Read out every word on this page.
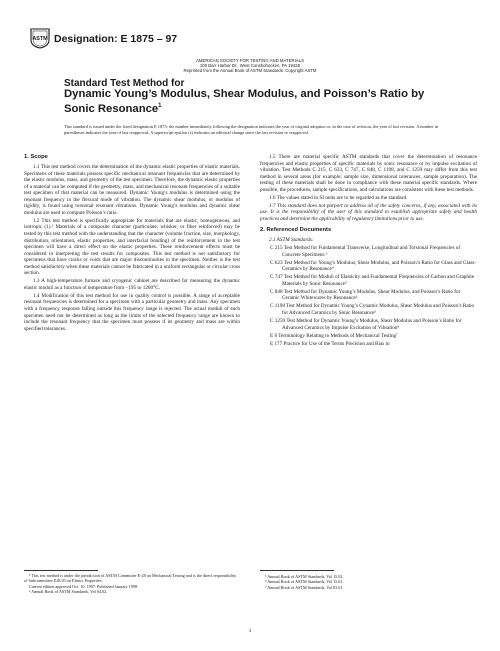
ASTM Designation: E 1875 – 97
AMERICAN SOCIETY FOR TESTING AND MATERIALS
100 Barr Harbor Dr., West Conshohocken, PA 19428
Reprinted from the Annual Book of ASTM Standards. Copyright ASTM
Standard Test Method for
Dynamic Young’s Modulus, Shear Modulus, and Poisson’s Ratio by Sonic Resonance$^1$
This standard is issued under the fixed designation E 1875; the number immediately following the designation indicates the year of original adoption or, in the case of revision, the year of last revision. A number in parentheses indicates the year of last reapproval. A superscript epsilon (ε) indicates an editorial change since the last revision or reapproval.
1. Scope

1.1 This test method covers the determination of the dynamic elastic properties of elastic materials. Specimens of these materials possess specific mechanical resonant frequencies that are determined by the elastic modulus, mass, and geometry of the test specimen. Therefore, the dynamic elastic properties of a material can be computed if the geometry, mass, and mechanical resonant frequencies of a suitable test specimen of that material can be measured. Dynamic Young’s modulus is determined using the resonant frequency in the flexural mode of vibration. The dynamic shear modulus, or modulus of rigidity, is found using torsional resonant vibrations. Dynamic Young’s modulus and dynamic shear modulus are used to compute Poisson’s ratio.

1.2 This test method is specifically appropriate for materials that are elastic, homogeneous, and isotropic (1).² Materials of a composite character (particulate, whisker, or fiber reinforced) may be tested by this test method with the understanding that the character (volume fraction, size, morphology, distribution, orientation, elastic properties, and interfacial bonding) of the reinforcement in the test specimen will have a direct effect on the elastic properties. These reinforcement effects must be considered in interpreting the test results for composites. This test method is not satisfactory for specimens that have cracks or voids that are major discontinuities in the specimen. Neither is the test method satisfactory when these materials cannot be fabricated in a uniform rectangular or circular cross section.

1.3 A high-temperature furnace and cryogenic cabinet are described for measuring the dynamic elastic moduli as a function of temperature from −195 to 1200°C.

1.4 Modification of this test method for use in quality control is possible. A range of acceptable resonant frequencies is determined for a specimen with a particular geometry and mass. Any specimen with a frequency response falling outside this frequency range is rejected. The actual moduli of each specimen need not be determined as long as the limits of the selected frequency range are known to include the resonant frequency that the specimen must possess if its geometry and mass are within specified tolerances.

1.5 There are material specific ASTM standards that cover the determination of resonance frequencies and elastic properties of specific materials by sonic resonance or by impulse excitation of vibration. Test Methods C 215, C 623, C 747, C 848, C 1198, and C 1259 may differ from this test method in several areas (for example; sample size, dimensional tolerances, sample preparation). The testing of these materials shall be done in compliance with these material specific standards. Where possible, the procedures, sample specifications, and calculations are consistent with these test methods.

1.6 The values stated in SI units are to be regarded as the standard.

1.7 This standard does not purport to address all of the safety concerns, if any, associated with its use. It is the responsibility of the user of this standard to establish appropriate safety and health practices and determine the applicability of regulatory limitations prior to use.

2. Referenced Documents

2.1 ASTM Standards:

C 215 Test Method for Fundamental Transverse, Longitudinal and Torsional Frequencies of Concrete Specimens ³

C 623 Test Method for Young’s Modulus, Shear Modulus, and Poisson’s Ratio for Glass and Glass-Ceramics by Resonance⁴

C 747 Test Method for Moduli of Elasticity and Fundamental Frequencies of Carbon and Graphite Materials by Sonic Resonance⁵

C 848 Test Method for Dynamic Young’s Modulus, Shear Modulus, and Poisson’s Ratio for Ceramic Whitewares by Resonance³

C 1198 Test Method for Dynamic Young’s Cynamic Modulus, Shear Modulus and Poisson’s Ratio for Advanced Ceramics by Sonic Resonance⁶

C 1259 Test Method for Dynamic Young’s Modulus, Shear Modulus and Poisson’s Ratio for Advanced Ceramics by Impulse Excitation of Vibration⁶

E 6 Terminology Relating to Methods of Mechanical Testing⁷

E 177 Practice for Use of the Terms Precision and Bias in

¹ This test method is under the jurisdiction of ASTM Committee E-28 on Mechanical Testing and is the direct responsibility of Subcommittee E28.03 on Elastic Properties.
Current edition approved Oct. 10, 1997. Published January 1998.
² Annual Book of ASTM Standards, Vol 04.02.
⁵ Annual Book of ASTM Standards, Vol 15.02.
⁶ Annual Book of ASTM Standards, Vol 15.01.
⁷ Annual Book of ASTM Standards, Vol 03.01.
1
